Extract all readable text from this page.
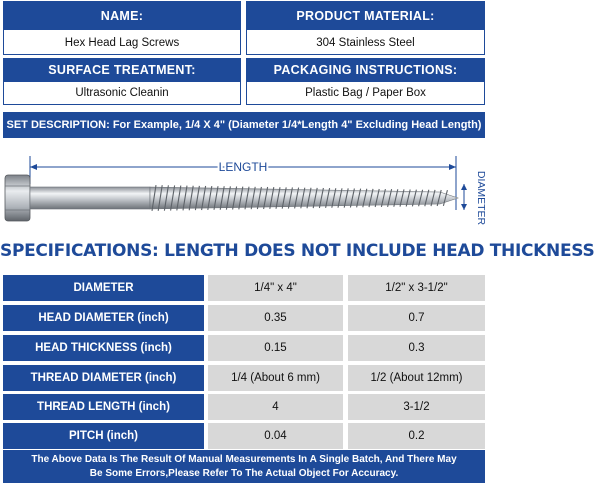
NAME:
Hex Head Lag Screws
PRODUCT MATERIAL:
304 Stainless Steel
SURFACE TREATMENT:
Ultrasonic Cleanin
PACKAGING INSTRUCTIONS:
Plastic Bag / Paper Box
SET DESCRIPTION: For Example, 1/4 X 4" (Diameter 1/4*Length 4" Excluding Head Length)
LENGTH
DIAMETER
SPECIFICATIONS: LENGTH DOES NOT INCLUDE HEAD THICKNESS
DIAMETER	1/4" x 4"	1/2" x 3-1/2"
HEAD DIAMETER (inch)	0.35	0.7
HEAD THICKNESS (inch)	0.15	0.3
THREAD DIAMETER (inch)	1/4 (About 6 mm)	1/2 (About 12mm)
THREAD LENGTH (inch)	4	3-1/2
PITCH (inch)	0.04	0.2
The Above Data Is The Result Of Manual Measurements In A Single Batch, And There May
Be Some Errors,Please Refer To The Actual Object For Accuracy.
